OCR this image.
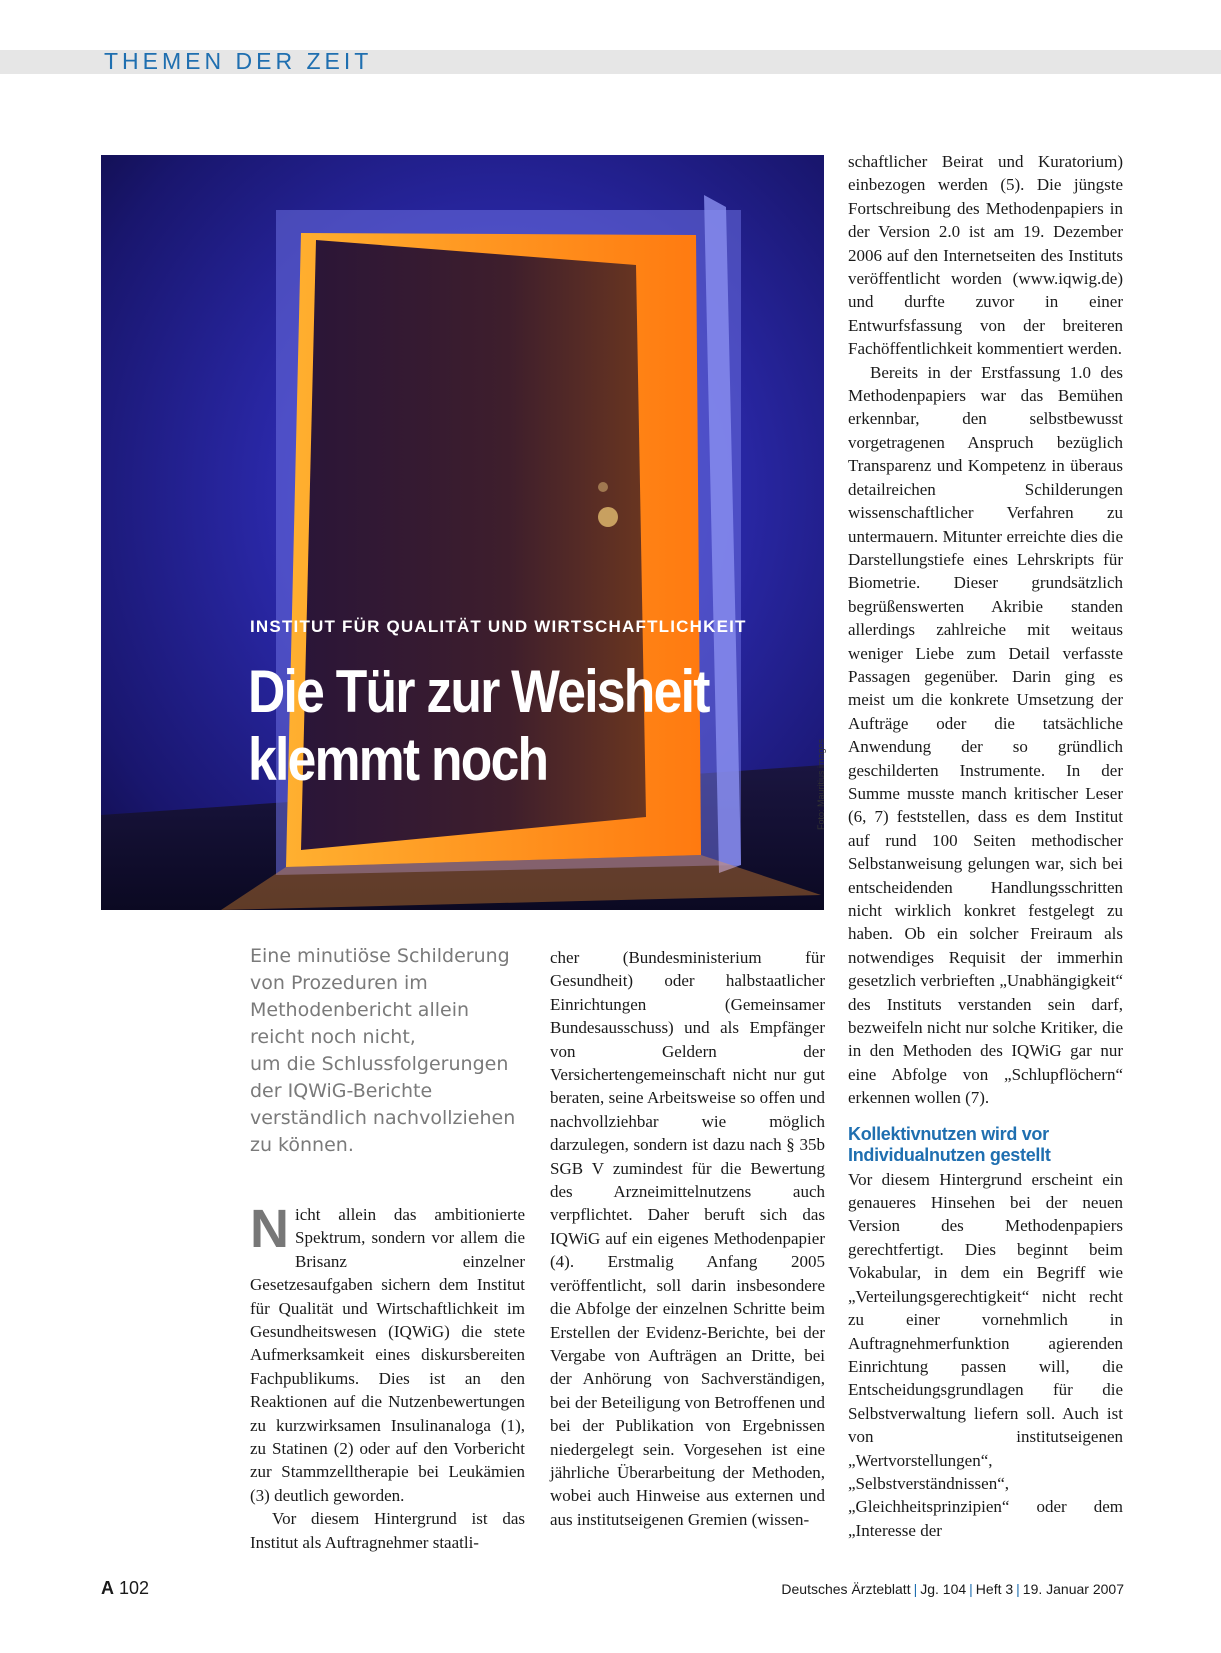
THEMEN DER ZEIT
Foto: Mauritius images
INSTITUT FÜR QUALITÄT UND WIRTSCHAFTLICHKEIT
Die Tür zur Weisheit klemmt noch
Eine minutiöse Schilderung
von Prozeduren im
Methodenbericht allein
reicht noch nicht,
um die Schlussfolgerungen
der IQWiG-Berichte
verständlich nachvollziehen
zu können.

Nicht allein das ambitionierte Spektrum, sondern vor allem die Brisanz einzelner Gesetzesaufgaben sichern dem Institut für Qualität und Wirtschaftlichkeit im Gesundheitswesen (IQWiG) die stete Aufmerksamkeit eines diskursbereiten Fachpublikums. Dies ist an den Reaktionen auf die Nutzenbewertungen zu kurzwirksamen Insulinanaloga (1), zu Statinen (2) oder auf den Vorbericht zur Stammzelltherapie bei Leukämien (3) deutlich geworden.

Vor diesem Hintergrund ist das Institut als Auftragnehmer staatli-

cher (Bundesministerium für Gesundheit) oder halbstaatlicher Einrichtungen (Gemeinsamer Bundesausschuss) und als Empfänger von Geldern der Versichertengemeinschaft nicht nur gut beraten, seine Arbeitsweise so offen und nachvollziehbar wie möglich darzulegen, sondern ist dazu nach § 35b SGB V zumindest für die Bewertung des Arzneimittelnutzens auch verpflichtet. Daher beruft sich das IQWiG auf ein eigenes Methodenpapier (4). Erstmalig Anfang 2005 veröffentlicht, soll darin insbesondere die Abfolge der einzelnen Schritte beim Erstellen der Evidenz-Berichte, bei der Vergabe von Aufträgen an Dritte, bei der Anhörung von Sachverständigen, bei der Beteiligung von Betroffenen und bei der Publikation von Ergebnissen niedergelegt sein. Vorgesehen ist eine jährliche Überarbeitung der Methoden, wobei auch Hinweise aus externen und aus institutseigenen Gremien (wissen-

schaftlicher Beirat und Kuratorium) einbezogen werden (5). Die jüngste Fortschreibung des Methodenpapiers in der Version 2.0 ist am 19. Dezember 2006 auf den Internetseiten des Instituts veröffentlicht worden (www.iqwig.de) und durfte zuvor in einer Entwurfsfassung von der breiteren Fachöffentlichkeit kommentiert werden.

Bereits in der Erstfassung 1.0 des Methodenpapiers war das Bemühen erkennbar, den selbstbewusst vorgetragenen Anspruch bezüglich Transparenz und Kompetenz in überaus detailreichen Schilderungen wissenschaftlicher Verfahren zu untermauern. Mitunter erreichte dies die Darstellungstiefe eines Lehrskripts für Biometrie. Dieser grundsätzlich begrüßenswerten Akribie standen allerdings zahlreiche mit weitaus weniger Liebe zum Detail verfasste Passagen gegenüber. Darin ging es meist um die konkrete Umsetzung der Aufträge oder die tatsächliche Anwendung der so gründlich geschilderten Instrumente. In der Summe musste manch kritischer Leser (6, 7) feststellen, dass es dem Institut auf rund 100 Seiten methodischer Selbstanweisung gelungen war, sich bei entscheidenden Handlungsschritten nicht wirklich konkret festgelegt zu haben. Ob ein solcher Freiraum als notwendiges Requisit der immerhin gesetzlich verbrieften „Unabhängigkeit“ des Instituts verstanden sein darf, bezweifeln nicht nur solche Kritiker, die in den Methoden des IQWiG gar nur eine Abfolge von „Schlupflöchern“ erkennen wollen (7).

Kollektivnutzen wird vor Individualnutzen gestellt

Vor diesem Hintergrund erscheint ein genaueres Hinsehen bei der neuen Version des Methodenpapiers gerechtfertigt. Dies beginnt beim Vokabular, in dem ein Begriff wie „Verteilungsgerechtigkeit“ nicht recht zu einer vornehmlich in Auftragnehmerfunktion agierenden Einrichtung passen will, die Entscheidungsgrundlagen für die Selbstverwaltung liefern soll. Auch ist von institutseigenen „Wertvorstellungen“, „Selbstverständnissen“, „Gleichheitsprinzipien“ oder dem „Interesse der

A 102	Deutsches Ärzteblatt | Jg. 104 | Heft 3 | 19. Januar 2007
